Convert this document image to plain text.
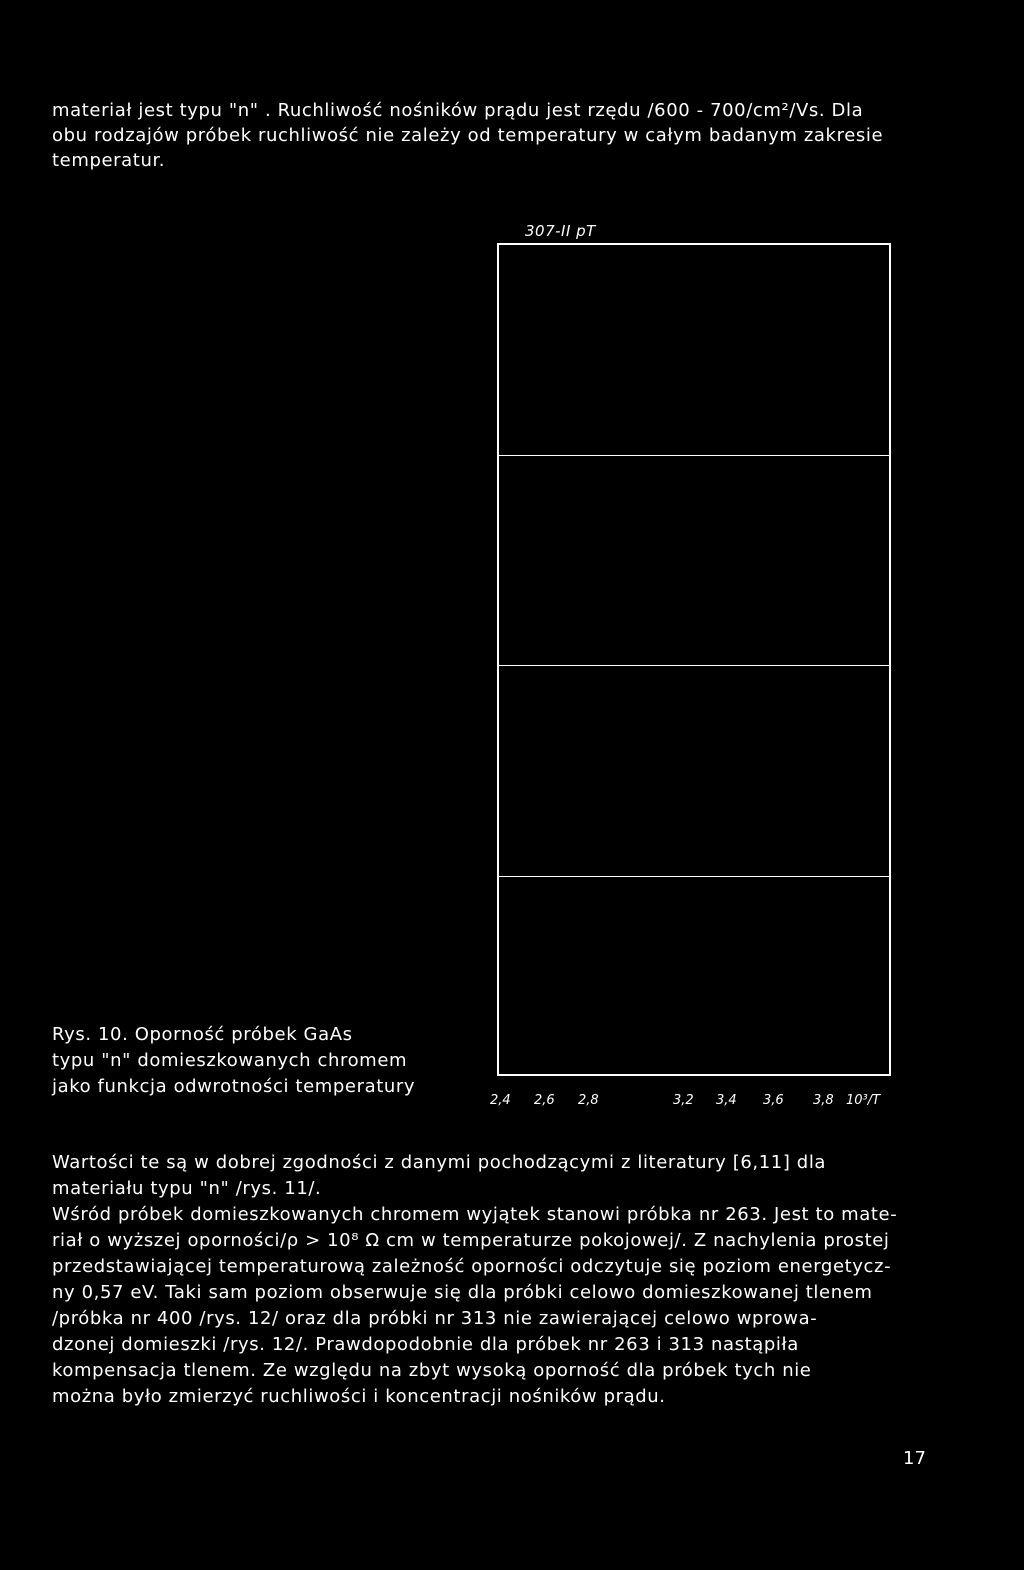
materiał jest typu "n" . Ruchliwość nośników prądu jest rzędu /600 - 700/cm²/Vs. Dla
obu rodzajów próbek ruchliwość nie zależy od temperatury w całym badanym zakresie
temperatur.
307-II pT
Rys. 10. Oporność próbek GaAs
typu "n" domieszkowanych chromem
jako funkcja odwrotności temperatury
2,4 2,6 2,8	3,2 3,4 3,6 3,8 10³/T
Wartości te są w dobrej zgodności z danymi pochodzącymi z literatury [6,11] dla
materiału typu "n" /rys. 11/.
Wśród próbek domieszkowanych chromem wyjątek stanowi próbka nr 263. Jest to mate-
riał o wyższej oporności/ρ > 10⁸ Ω cm w temperaturze pokojowej/. Z nachylenia prostej
przedstawiającej temperaturową zależność oporności odczytuje się poziom energetycz-
ny 0,57 eV. Taki sam poziom obserwuje się dla próbki celowo domieszkowanej tlenem
/próbka nr 400 /rys. 12/ oraz dla próbki nr 313 nie zawierającej celowo wprowa-
dzonej domieszki /rys. 12/. Prawdopodobnie dla próbek nr 263 i 313 nastąpiła
kompensacja tlenem. Ze względu na zbyt wysoką oporność dla próbek tych nie
można było zmierzyć ruchliwości i koncentracji nośników prądu.
17
